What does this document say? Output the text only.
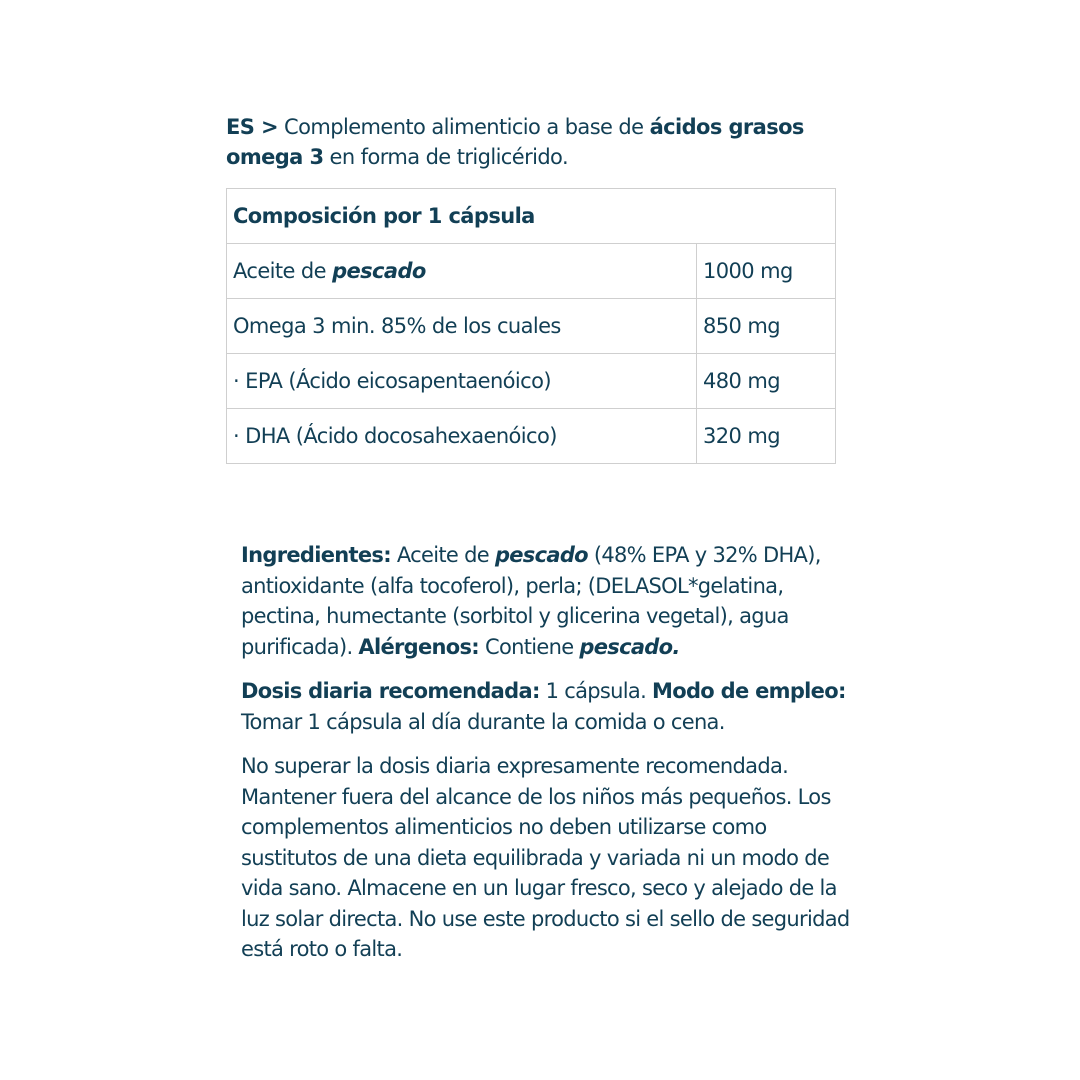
ES > Complemento alimenticio a base de ácidos grasos omega 3 en forma de triglicérido.
Composición por 1 cápsula	
Aceite de pescado	1000 mg
Omega 3 min. 85% de los cuales	850 mg
· EPA (Ácido eicosapentaenóico)	480 mg
· DHA (Ácido docosahexaenóico)	320 mg

Ingredientes: Aceite de pescado (48% EPA y 32% DHA), antioxidante (alfa tocoferol), perla; (DELASOL*gelatina, pectina, humectante (sorbitol y glicerina vegetal), agua purificada). Alérgenos: Contiene pescado.

Dosis diaria recomendada: 1 cápsula. Modo de empleo: Tomar 1 cápsula al día durante la comida o cena.

No superar la dosis diaria expresamente recomendada. Mantener fuera del alcance de los niños más pequeños. Los complementos alimenticios no deben utilizarse como sustitutos de una dieta equilibrada y variada ni un modo de vida sano. Almacene en un lugar fresco, seco y alejado de la luz solar directa. No use este producto si el sello de seguridad está roto o falta.
